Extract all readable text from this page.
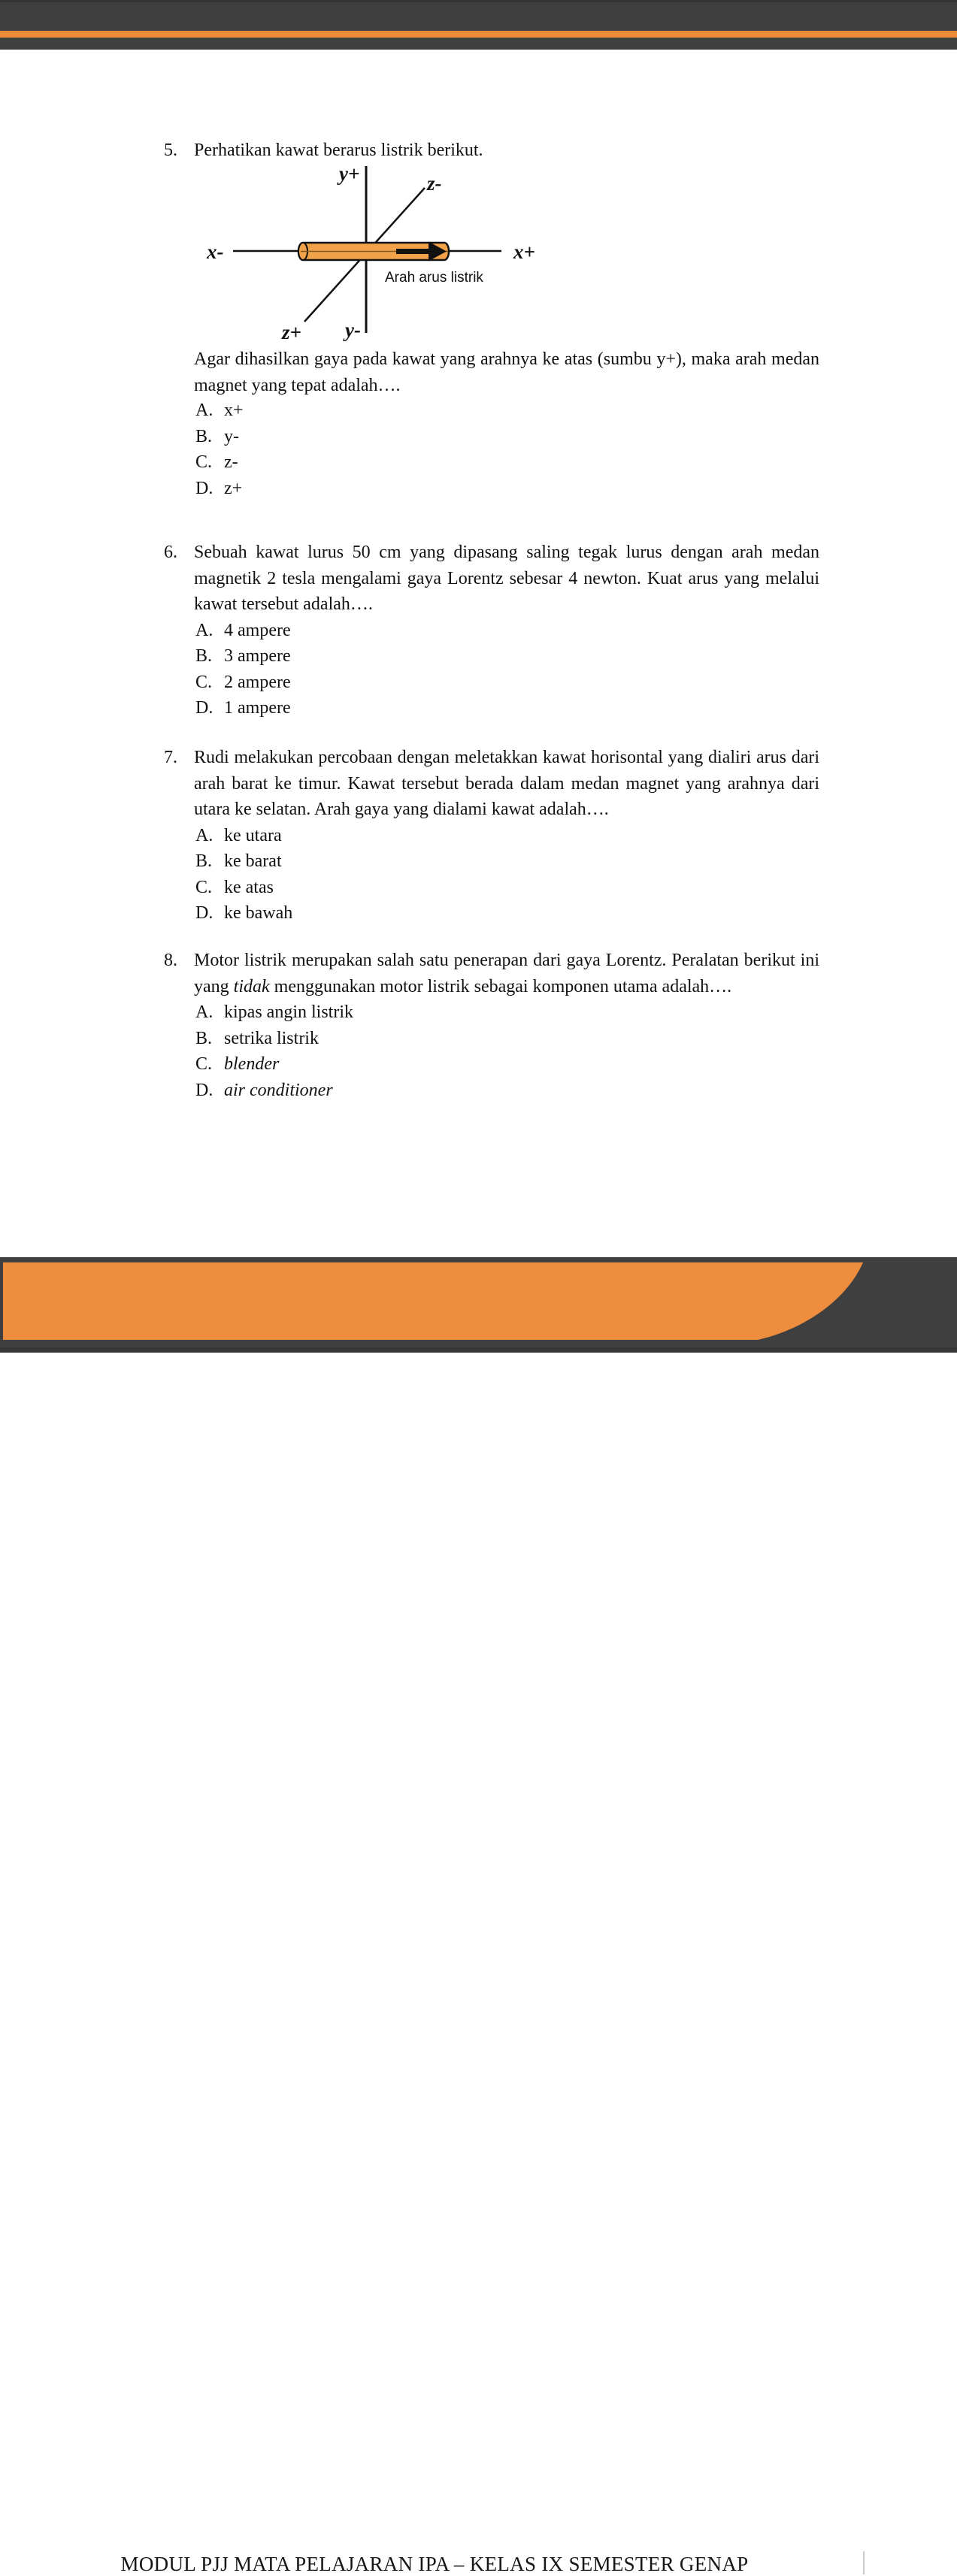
5. Perhatikan kawat berarus listrik berikut.
y+	z-
x-	x+
z+ y-
Arah arus listrik
Agar dihasilkan gaya pada kawat yang arahnya ke atas (sumbu y+), maka arah medan magnet yang tepat adalah….
A. x+
B. y-
C. z-
D. z+
6. Sebuah kawat lurus 50 cm yang dipasang saling tegak lurus dengan arah medan magnetik 2 tesla mengalami gaya Lorentz sebesar 4 newton. Kuat arus yang melalui kawat tersebut adalah….
A. 4 ampere
B. 3 ampere
C. 2 ampere
D. 1 ampere
7. Rudi melakukan percobaan dengan meletakkan kawat horisontal yang dialiri arus dari arah barat ke timur. Kawat tersebut berada dalam medan magnet yang arahnya dari utara ke selatan. Arah gaya yang dialami kawat adalah….
A. ke utara
B. ke barat
C. ke atas
D. ke bawah
8. Motor listrik merupakan salah satu penerapan dari gaya Lorentz. Peralatan berikut ini yang tidak menggunakan motor listrik sebagai komponen utama adalah….
A. kipas angin listrik
B. setrika listrik
C. blender
D. air conditioner
MODUL PJJ MATA PELAJARAN IPA – KELAS IX SEMESTER GENAP	34
